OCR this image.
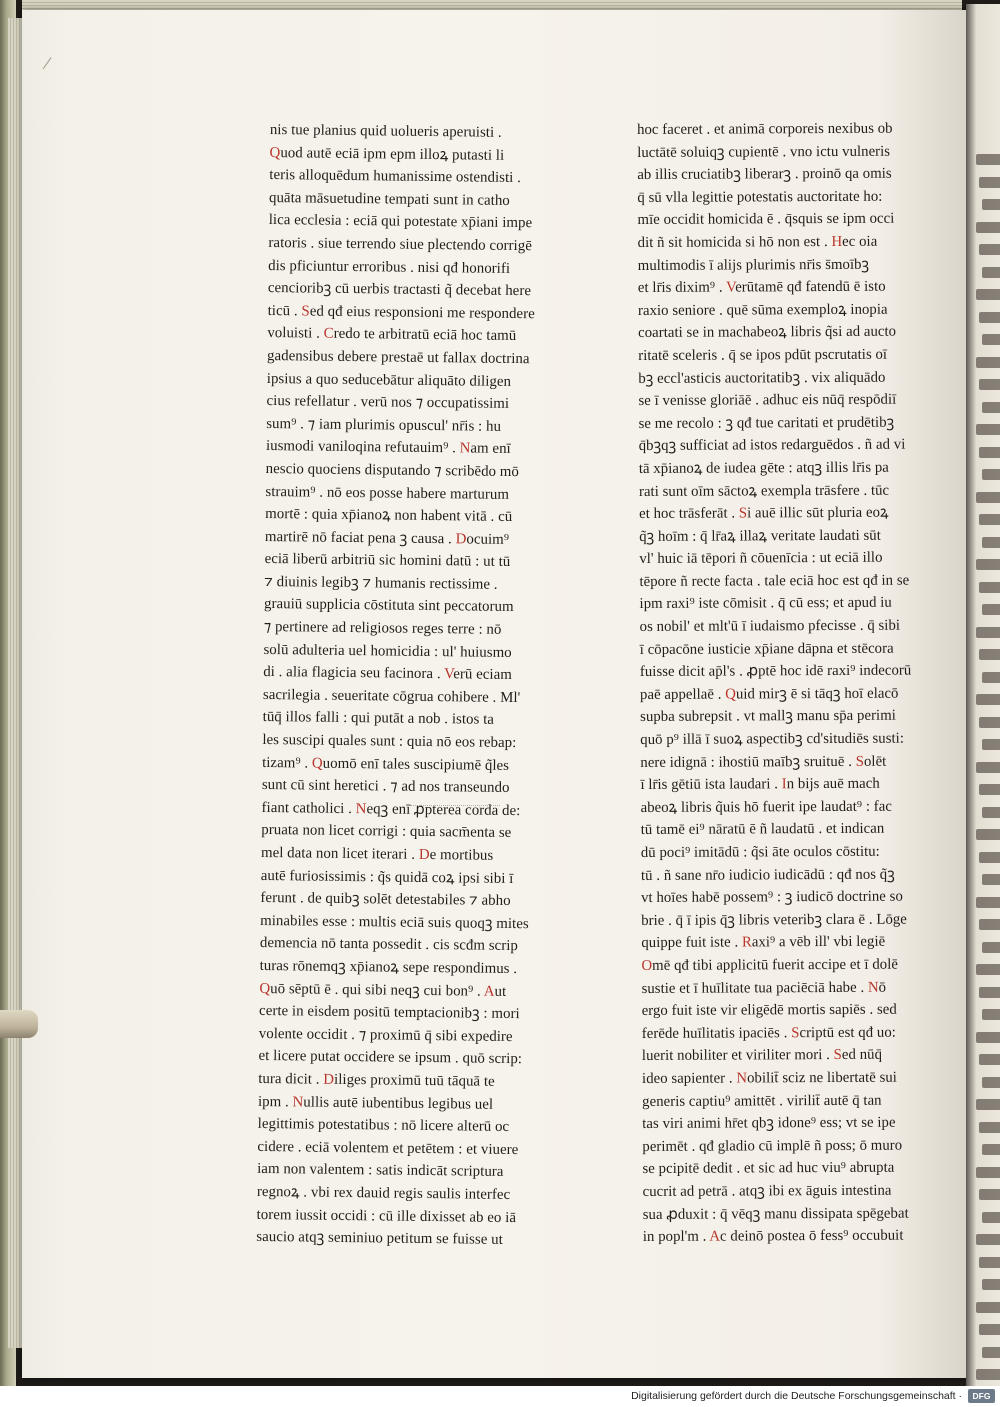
nis tue planius quid uolueris aperuisti .
Quod autē eciā ipm epm illoꝝ putasti li
teris alloquēdum humanissime ostendisti .
quāta māsuetudine tempati sunt in catho
lica ecclesia : eciā qui potestate xp̄iani impe
ratoris . siue terrendo siue plectendo corrigē
dis pficiuntur erroribus . nisi qđ honorifi
cencioribꝫ cū uerbis tractasti q̃ decebat here
ticū . Sed qđ eius responsioni me respondere
voluisti . Credo te arbitratū eciā hoc tamū
gadensibus debere prestaē ut fallax doctrina
ipsius a quo seducebātur aliquāto diligen
cius refellatur . verū nos ⁊ occupatissimi
sum⁹ . ⁊ iam plurimis opuscul' nr̄is : hu
iusmodi vaniloqina refutauim⁹ . Nam enī
nescio quociens disputando ⁊ scribēdo mō
strauim⁹ . nō eos posse habere marturum
mortē : quia xp̄ianoꝝ non habent vitā . cū
martirē nō faciat pena ꝫ causa . Docuim⁹
eciā liberū arbitriū sic homini datū : ut tū
⁊ diuinis legibꝫ ⁊ humanis rectissime .
grauiū supplicia cōstituta sint peccatorum
⁊ pertinere ad religiosos reges terre : nō
solū adulteria uel homicidia : ul' huiusmo
di . alia flagicia seu facinora . Verū eciam
sacrilegia . seueritate cōgrua cohibere . Ml'
tūq̄ illos falli : qui putāt a nob . istos ta
les suscipi quales sunt : quia nō eos rebap:
tizam⁹ . Quomō enī tales suscipiumē q̃les
sunt cū sint heretici . ⁊ ad nos transeundo
fiant catholici . Neqꝫ enī ꝓpterea corda de:
pruata non licet corrigi : quia sacm̄enta se
mel data non licet iterari . De mortibus
autē furiosissimis : q̃s quidā coꝝ ipsi sibi ī
ferunt . de quibꝫ solēt detestabiles ⁊ abho
minabiles esse : multis eciā suis quoqꝫ mites
demencia nō tanta possedit . cis scđm scrip
turas rōnemqꝫ xp̄ianoꝝ sepe respondimus .
Quō sēptū ē . qui sibi neqꝫ cui bon⁹ . Aut
certe in eisdem positū temptacionibꝫ : mori
volente occidit . ⁊ proximū q̄ sibi expedire
et licere putat occidere se ipsum . quō scrip:
tura dicit . Diliges proximū tuū tāquā te
ipm . Nullis autē iubentibus legibus uel
legittimis potestatibus : nō licere alterū oc
cidere . eciā volentem et petētem : et viuere
iam non valentem : satis indicāt scriptura
regnoꝝ . vbi rex dauid regis saulis interfec
torem iussit occidi : cū ille dixisset ab eo iā
saucio atqꝫ seminiuo petitum se fuisse ut
hoc faceret . et animā corporeis nexibus ob
luctātē soluiqꝫ cupientē . vno ictu vulneris
ab illis cruciatibꝫ liberarꝫ . proinō qa omis
q̄ sū vlla legittie potestatis auctoritate ho:
mīe occidit homicida ē . q̄squis se ipm occi
dit ñ sit homicida si hō non est . Hec oia
multimodis ī alijs plurimis nr̄is s̄moībꝫ
et lr̄is dixim⁹ . Verūtamē qđ fatendū ē isto
raxio seniore . quē sūma exemploꝝ inopia
coartati se in machabeoꝝ libris q̃si ad aucto
ritatē sceleris . q̄ se ipos pdūt pscrutatis oī
bꝫ eccl'asticis auctoritatibꝫ . vix aliquādo
se ī venisse gloriāē . adhuc eis nūq̄ respōdiī
se me recolo : ꝫ qđ tue caritati et prudētibꝫ
q̄bꝫqꝫ sufficiat ad istos redarguēdos . ñ ad vi
tā xp̄ianoꝝ de iudea gēte : atqꝫ illis lr̄is pa
rati sunt oīm sāctoꝝ exempla trāsfere . tūc
et hoc trāsferāt . Si auē illic sūt pluria eoꝝ
q̃ꝫ hoīm : q̄ lr̄aꝝ illaꝝ veritate laudati sūt
vl' huic iā tēpori ñ cōuenīcia : ut eciā illo
tēpore ñ recte facta . tale eciā hoc est qđ in se
ipm raxi⁹ iste cōmisit . q̄ cū ess; et apud iu
os nobil' et mlt'ū ī iudaismo pfecisse . q̄ sibi
ī cōpacōne iusticie xp̄iane dāpna et stēcora
fuisse dicit ap̄l's . ꝓptē hoc idē raxi⁹ indecorū
paē appellaē . Quid mirꝫ ē si tāqꝫ hoī elacō
supba subrepsit . vt mallꝫ manu sp̄a perimi
quō p⁹ illā ī suoꝝ aspectibꝫ cd'situdiēs susti:
nere idignā : ihostiū maībꝫ sruituē . Solēt
ī lr̄is gētiū ista laudari . In bijs auē mach
abeoꝝ libris q̃uis hō fuerit ipe laudat⁹ : fac
tū tamē ei⁹ nāratū ē ñ laudatū . et indican
dū poci⁹ imitādū : q̃si āte oculos cōstitu:
tū . ñ sane nr̄o iudicio iudicādū : qđ nos q̃ꝫ
vt hoīes habē possem⁹ : ꝫ iudicō doctrine so
brie . q̄ ī ipis q̄ꝫ libris veteribꝫ clara ē . Lōge
quippe fuit iste . Raxi⁹ a vēb ill' vbi legiē
Omē qđ tibi applicitū fuerit accipe et ī dolē
sustie et ī huīlitate tua paciēciā habe . Nō
ergo fuit iste vir eligēdē mortis sapiēs . sed
ferēde huīlitatis ipaciēs . Scriptū est qđ uo:
luerit nobiliter et viriliter mori . Sed nūq̄
ideo sapienter . Nobilit̄ sciz ne libertatē sui
generis captiu⁹ amittēt . virilit̄ autē q̄ tan
tas viri animi hr̄et qbꝫ idone⁹ ess; vt se ipe
perimēt . qđ gladio cū implē ñ poss; ō muro
se pcipitē dedit . et sic ad huc viu⁹ abrupta
cucrit ad petrā . atqꝫ ibi ex āguis intestina
sua ꝓduxit : q̄ vēqꝫ manu dissipata spēgebat
in popl'm . Ac deinō postea ō fess⁹ occubuit
Digitalisierung gefördert durch die Deutsche Forschungsgemeinschaft ·	DFG
